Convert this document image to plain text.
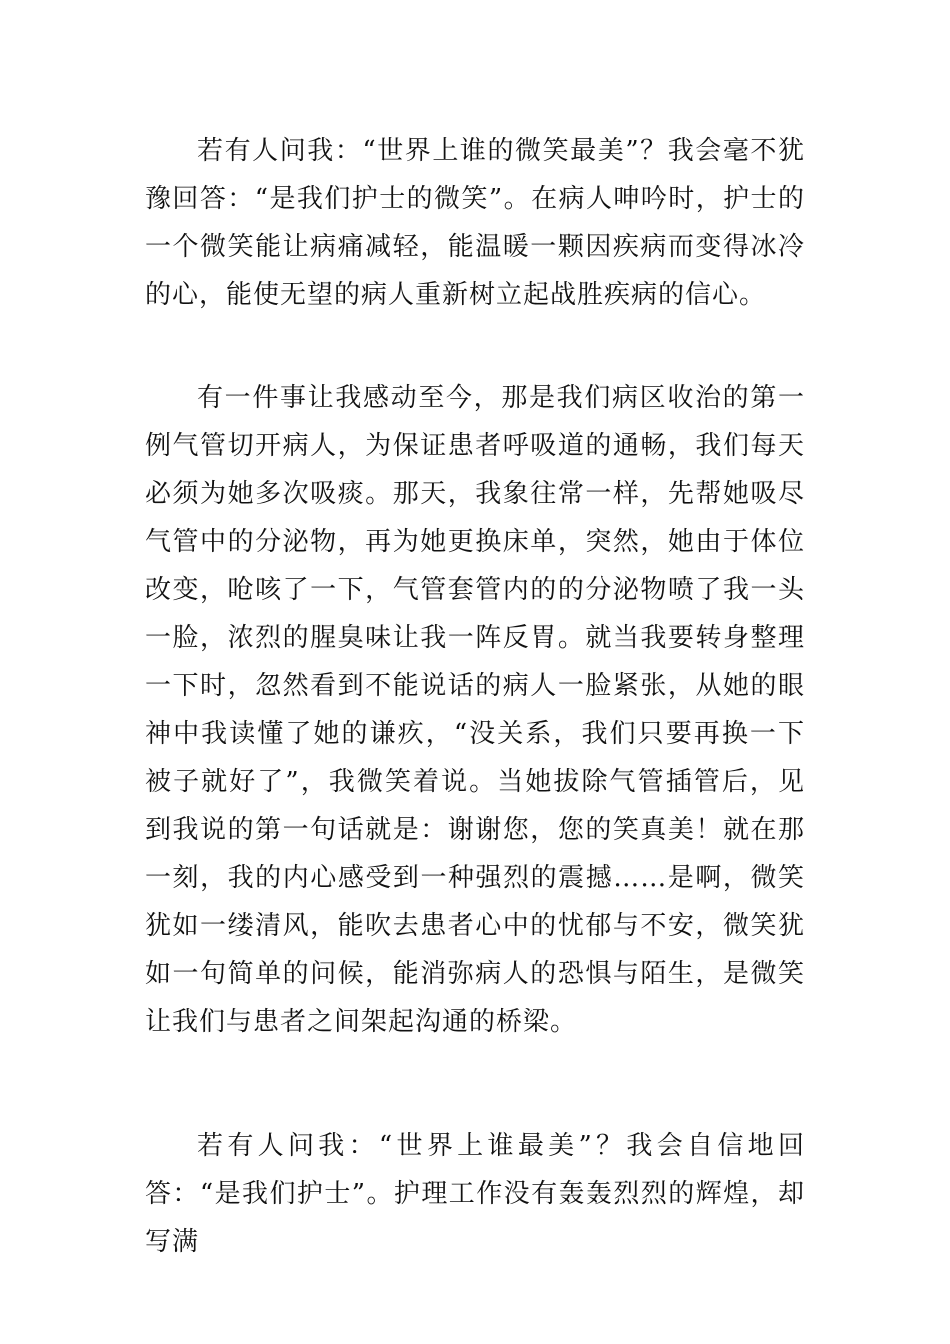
若有人问我：“世界上谁的微笑最美”？我会毫不犹豫回答：“是我们护士的微笑”。在病人呻吟时，护士的一个微笑能让病痛减轻，能温暖一颗因疾病而变得冰冷的心，能使无望的病人重新树立起战胜疾病的信心。

有一件事让我感动至今，那是我们病区收治的第一例气管切开病人，为保证患者呼吸道的通畅，我们每天必须为她多次吸痰。那天，我象往常一样，先帮她吸尽气管中的分泌物，再为她更换床单，突然，她由于体位改变，呛咳了一下，气管套管内的的分泌物喷了我一头一脸，浓烈的腥臭味让我一阵反胃。就当我要转身整理一下时，忽然看到不能说话的病人一脸紧张，从她的眼神中我读懂了她的谦疚，“没关系，我们只要再换一下被子就好了”，我微笑着说。当她拔除气管插管后，见到我说的第一句话就是：谢谢您，您的笑真美！就在那一刻，我的内心感受到一种强烈的震撼……是啊，微笑犹如一缕清风，能吹去患者心中的忧郁与不安，微笑犹如一句简单的问候，能消弥病人的恐惧与陌生，是微笑让我们与患者之间架起沟通的桥梁。

若有人问我：“世界上谁最美”？我会自信地回答：“是我们护士”。护理工作没有轰轰烈烈的辉煌，却写满
